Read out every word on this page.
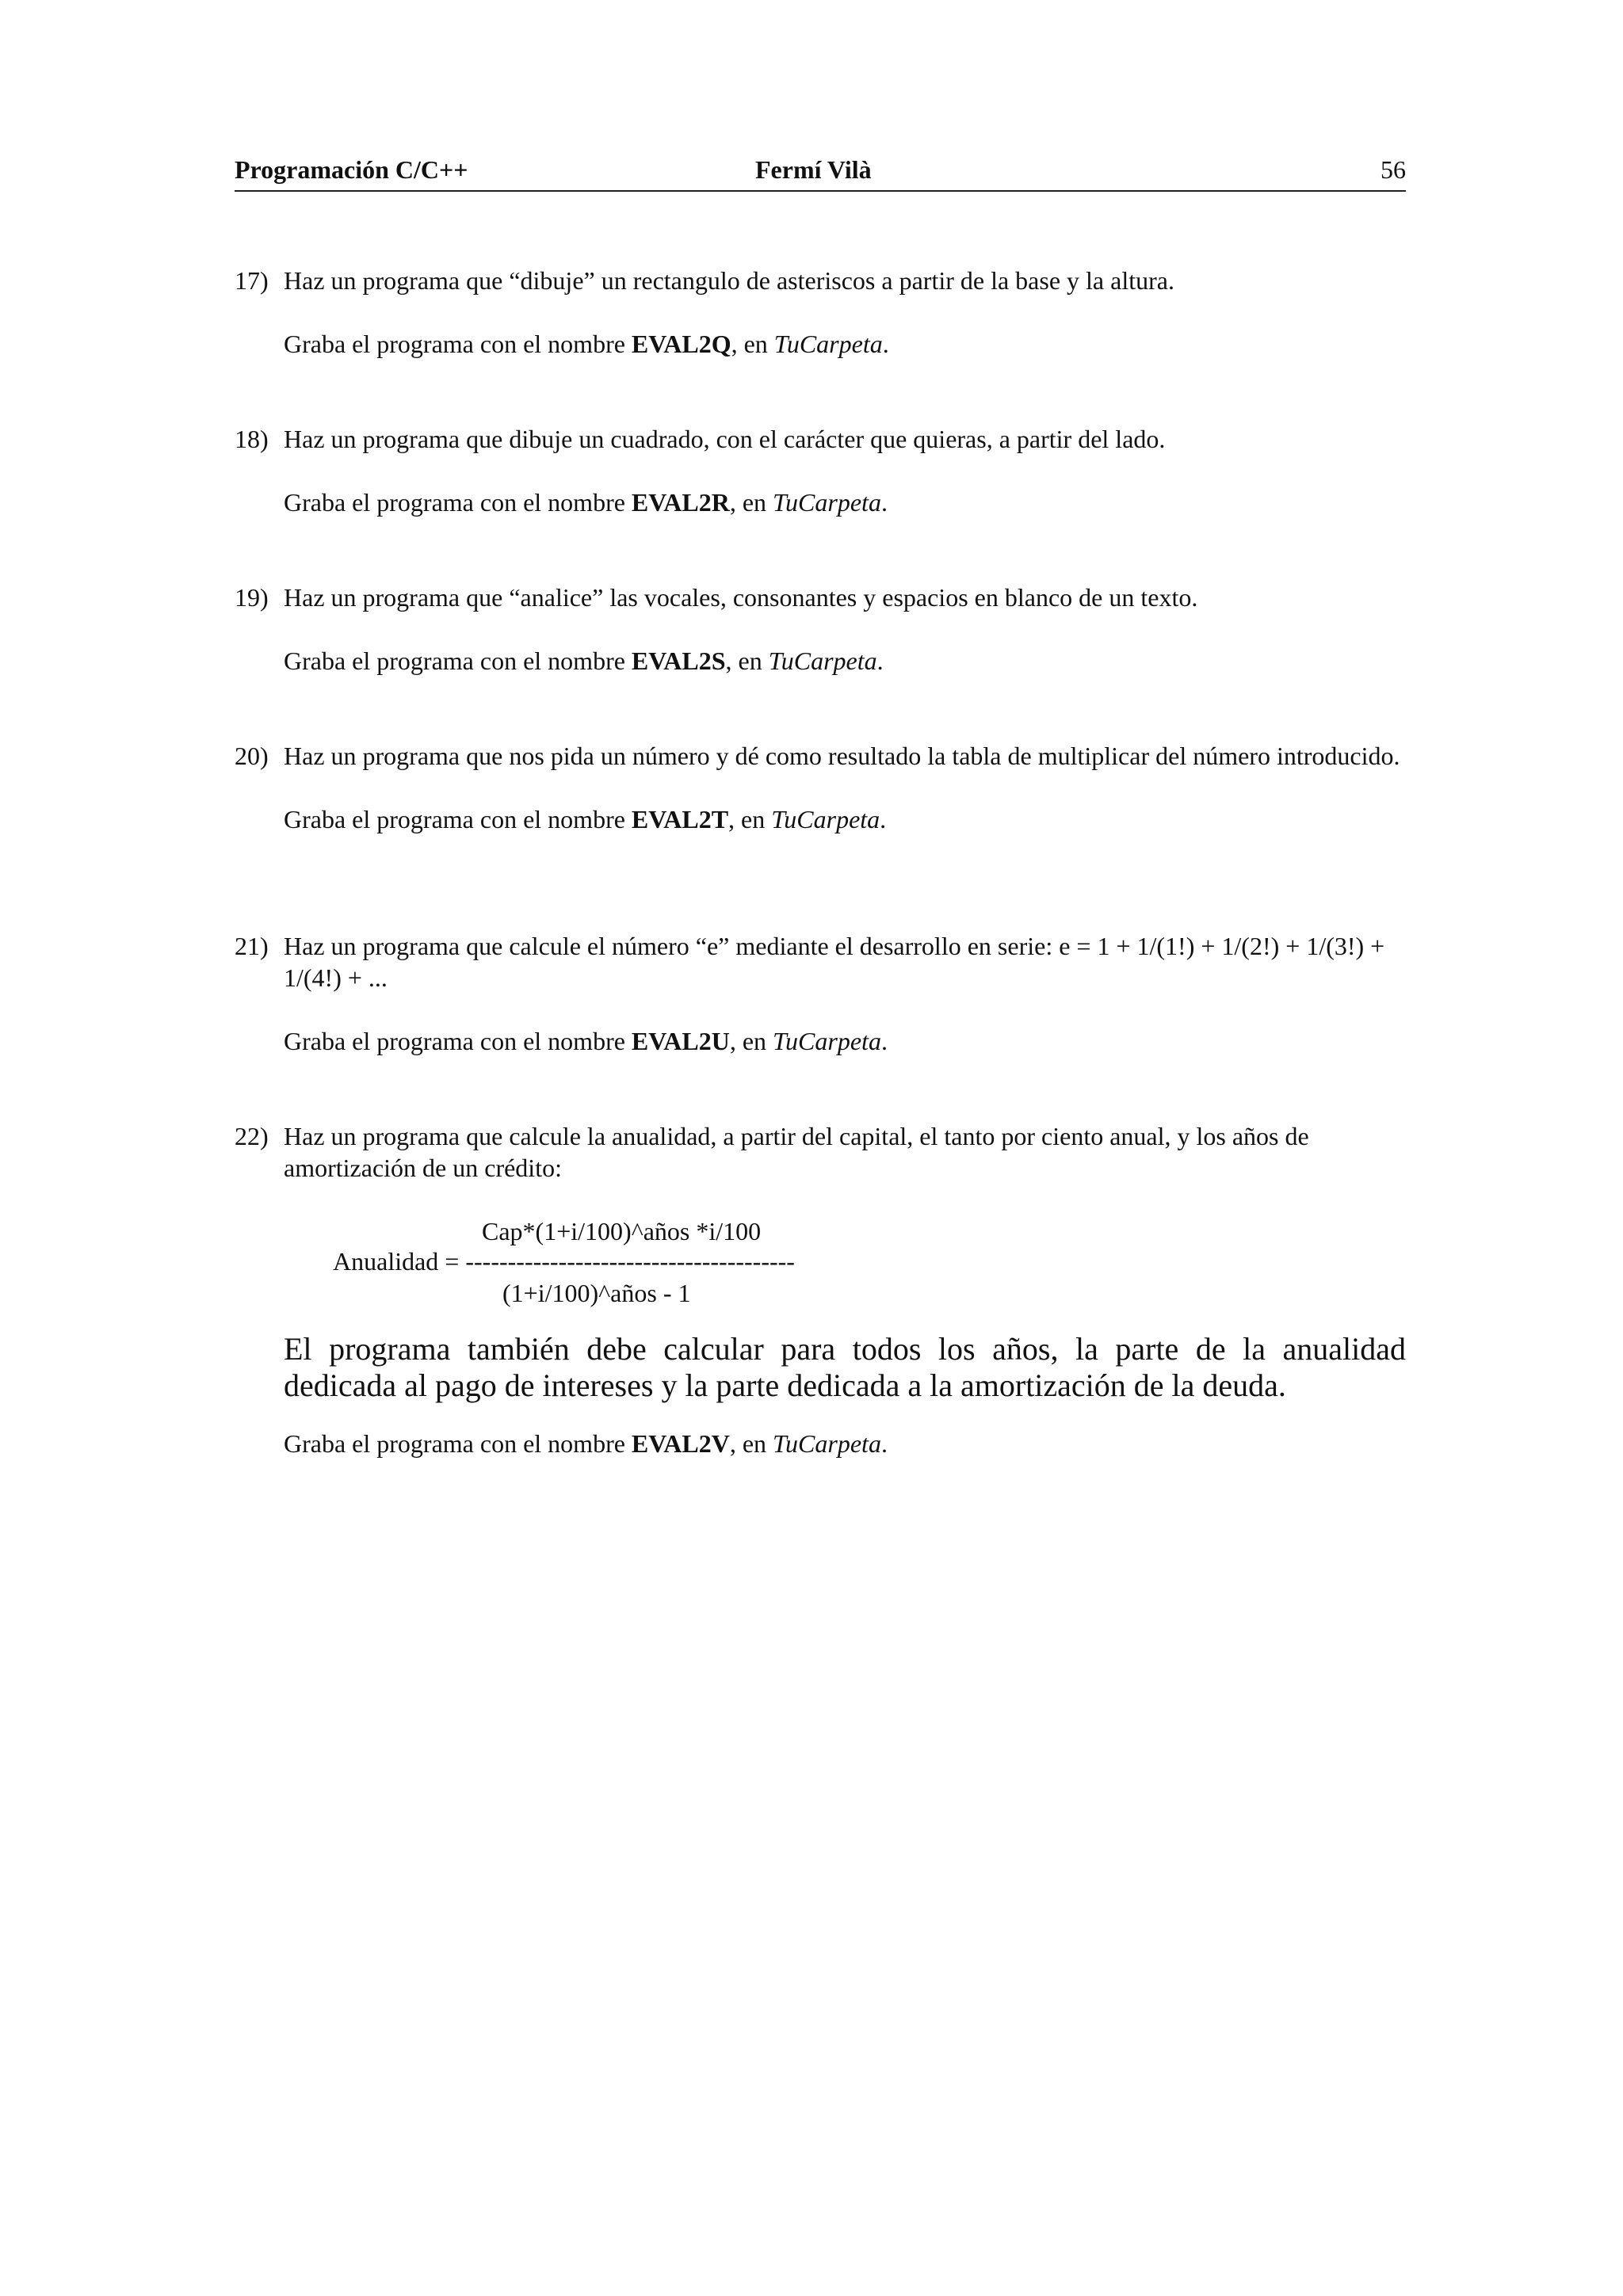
Programación C/C++	Fermí Vilà	56
17) Haz un programa que “dibuje” un rectangulo de asteriscos a partir de la base y la altura.
Graba el programa con el nombre EVAL2Q, en TuCarpeta.
18) Haz un programa que dibuje un cuadrado, con el carácter que quieras, a partir del lado.
Graba el programa con el nombre EVAL2R, en TuCarpeta.
19) Haz un programa que “analice” las vocales, consonantes y espacios en blanco de un texto.
Graba el programa con el nombre EVAL2S, en TuCarpeta.
20) Haz un programa que nos pida un número y dé como resultado la tabla de multiplicar del número introducido.
Graba el programa con el nombre EVAL2T, en TuCarpeta.
21) Haz un programa que calcule el número “e” mediante el desarrollo en serie: e = 1 + 1/(1!) + 1/(2!) + 1/(3!) + 1/(4!) + ...
Graba el programa con el nombre EVAL2U, en TuCarpeta.
22) Haz un programa que calcule la anualidad, a partir del capital, el tanto por ciento anual, y los años de amortización de un crédito:
Cap*(1+i/100)^años *i/100
Anualidad = ---------------------------------------
(1+i/100)^años - 1
El programa también debe calcular para todos los años, la parte de la anualidad dedicada al pago de intereses y la parte dedicada a la amortización de la deuda.
Graba el programa con el nombre EVAL2V, en TuCarpeta.
